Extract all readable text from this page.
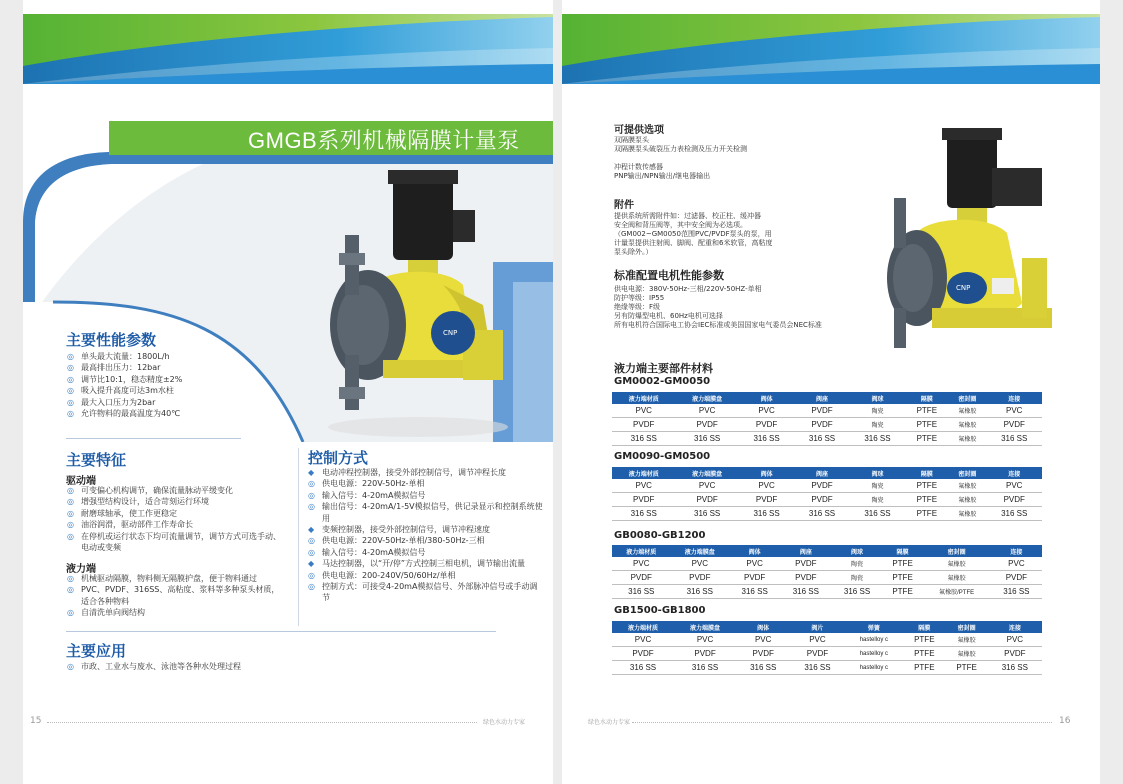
GMGB系列机械隔膜计量泵
CNP
主要性能参数
◎ 单头最大流量：1800L/h
◎ 最高排出压力：12bar
◎ 调节比10:1，稳态精度±2%
◎ 吸入提升高度可达3m水柱
◎ 最大入口压力为2bar
◎ 允许物料的最高温度为40℃
主要特征
驱动端
◎ 可变偏心机构调节，确保流量脉动平缓变化
◎ 增强型结构设计，适合苛刻运行环境
◎ 耐磨球轴承，使工作更稳定
◎ 油浴润滑，驱动部件工作寿命长
◎ 在停机或运行状态下均可流量调节，调节方式可选手动、电动或变频
液力端
◎ 机械驱动隔膜，物料侧无隔膜护盘，便于物料通过
◎ PVC、PVDF、316SS、高粘度、浆料等多种泵头材质，适合各种物料
◎ 自清洗单向阀结构
控制方式
◆ 电动冲程控制器，接受外部控制信号，调节冲程长度
◎ 供电电源：220V-50Hz-单相
◎ 输入信号：4-20mA模拟信号
◎ 输出信号：4-20mA/1-5V模拟信号，供记录显示和控制系统使用
◆ 变频控制器，接受外部控制信号，调节冲程速度
◎ 供电电源：220V-50Hz-单相/380-50Hz-三相
◎ 输入信号：4-20mA模拟信号
◆ 马达控制器，以“开/停”方式控制三相电机，调节输出流量
◎ 供电电源：200-240V/50/60Hz/单相
◎ 控制方式：可接受4-20mA模拟信号、外部脉冲信号或手动调节
主要应用
◎ 市政、工业水与废水、泳池等各种水处理过程
15	绿色水动力专家
可提供选项
双隔膜泵头
双隔膜泵头破裂压力表检测及压力开关检测

冲程计数传感器
PNP输出/NPN输出/继电器输出
附件
提供系统所需附件如：过滤器、校正柱、缓冲器
安全阀和背压阀等，其中安全阀为必选项。
（GM002~GM0050范围PVC/PVDF泵头的泵，用
计量泵提供注射阀、脚阀、配重和6米软管，高粘度
泵头除外。）
标准配置电机性能参数
供电电源：380V-50Hz-三相/220V-50HZ-单相
防护等级：IP55
绝缘等级：F级
另有防爆型电机、60Hz电机可选择
所有电机符合国际电工协会IEC标准或美国国家电气委员会NEC标准
CNP
液力端主要部件材料
GM0002-GM0050
液力端材质	液力端膜盘	阀体	阀座	阀球	隔膜	密封圈	连接
PVC	PVC	PVC	PVDF	陶瓷	PTFE	氟橡胶	PVC
PVDF	PVDF	PVDF	PVDF	陶瓷	PTFE	氟橡胶	PVDF
316 SS	316 SS	316 SS	316 SS	316 SS	PTFE	氟橡胶	316 SS
GM0090-GM0500
液力端材质	液力端膜盘	阀体	阀座	阀球	隔膜	密封圈	连接
PVC	PVC	PVC	PVDF	陶瓷	PTFE	氟橡胶	PVC
PVDF	PVDF	PVDF	PVDF	陶瓷	PTFE	氟橡胶	PVDF
316 SS	316 SS	316 SS	316 SS	316 SS	PTFE	氟橡胶	316 SS
GB0080-GB1200
液力端材质	液力端膜盘	阀体	阀座	阀球	隔膜	密封圈	连接
PVC	PVC	PVC	PVDF	陶瓷	PTFE	氟橡胶	PVC
PVDF	PVDF	PVDF	PVDF	陶瓷	PTFE	氟橡胶	PVDF
316 SS	316 SS	316 SS	316 SS	316 SS	PTFE	氟橡胶/PTFE	316 SS
GB1500-GB1800
液力端材质	液力端膜盘	阀体	阀片	弹簧	隔膜	密封圈	连接
PVC	PVC	PVC	PVC	hastelloy c	PTFE	氟橡胶	PVC
PVDF	PVDF	PVDF	PVDF	hastelloy c	PTFE	氟橡胶	PVDF
316 SS	316 SS	316 SS	316 SS	hastelloy c	PTFE	PTFE	316 SS
绿色水动力专家	16
